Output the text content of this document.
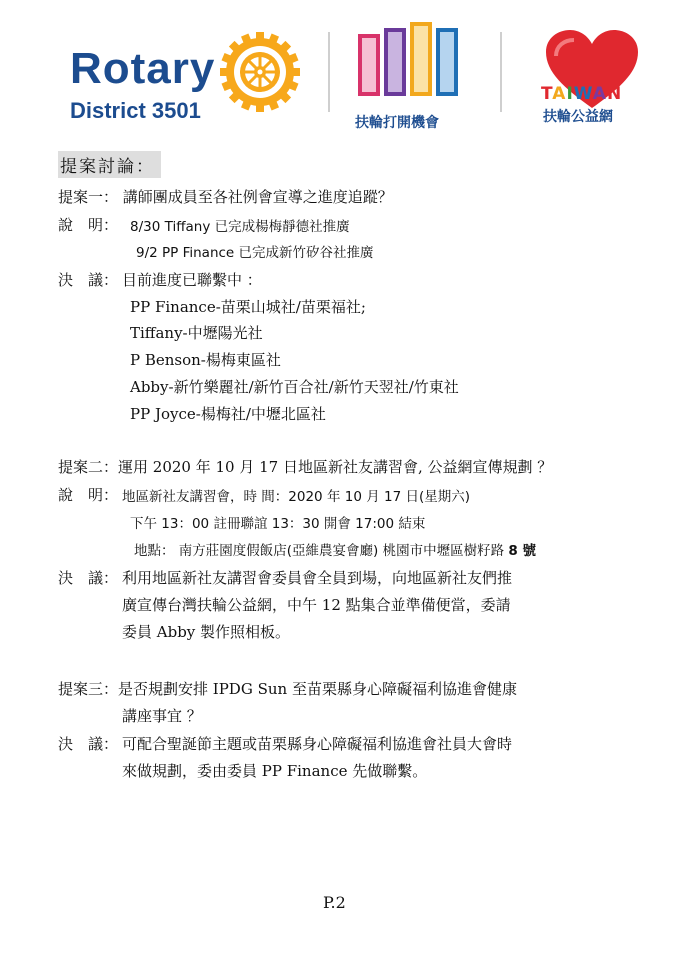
Rotary
District 3501	扶輪打開機會
TAIWAN
扶輪公益網
提案討論：
提案一： 講師團成員至各社例會宣導之進度追蹤？
說　明： 8/30 Tiffany 已完成楊梅靜德社推廣
9/2 PP Finance 已完成新竹矽谷社推廣
決　議： 目前進度已聯繫中 ：
PP Finance-苗栗山城社/苗栗福社;
Tiffany-中壢陽光社
P Benson-楊梅東區社
Abby-新竹樂麗社/新竹百合社/新竹天翌社/竹東社
PP Joyce-楊梅社/中壢北區社
提案二：運用 2020 年 10 月 17 日地區新社友講習會, 公益網宣傳規劃 ？
說　明： 地區新社友講習會，時 間：2020 年 10 月 17 日(星期六)
下午 13：00 註冊聯誼 13：30 開會 17:00 結束
地點： 南方莊園度假飯店(亞維農宴會廳) 桃園市中壢區樹籽路 8 號
決　議： 利用地區新社友講習會委員會全員到場，向地區新社友們推
廣宣傳台灣扶輪公益網，中午 12 點集合並準備便當，委請
委員 Abby 製作照相板。
提案三：是否規劃安排 IPDG Sun 至苗栗縣身心障礙福利協進會健康
講座事宜 ？
決　議： 可配合聖誕節主題或苗栗縣身心障礙福利協進會社員大會時
來做規劃，委由委員 PP Finance 先做聯繫。
P.2
